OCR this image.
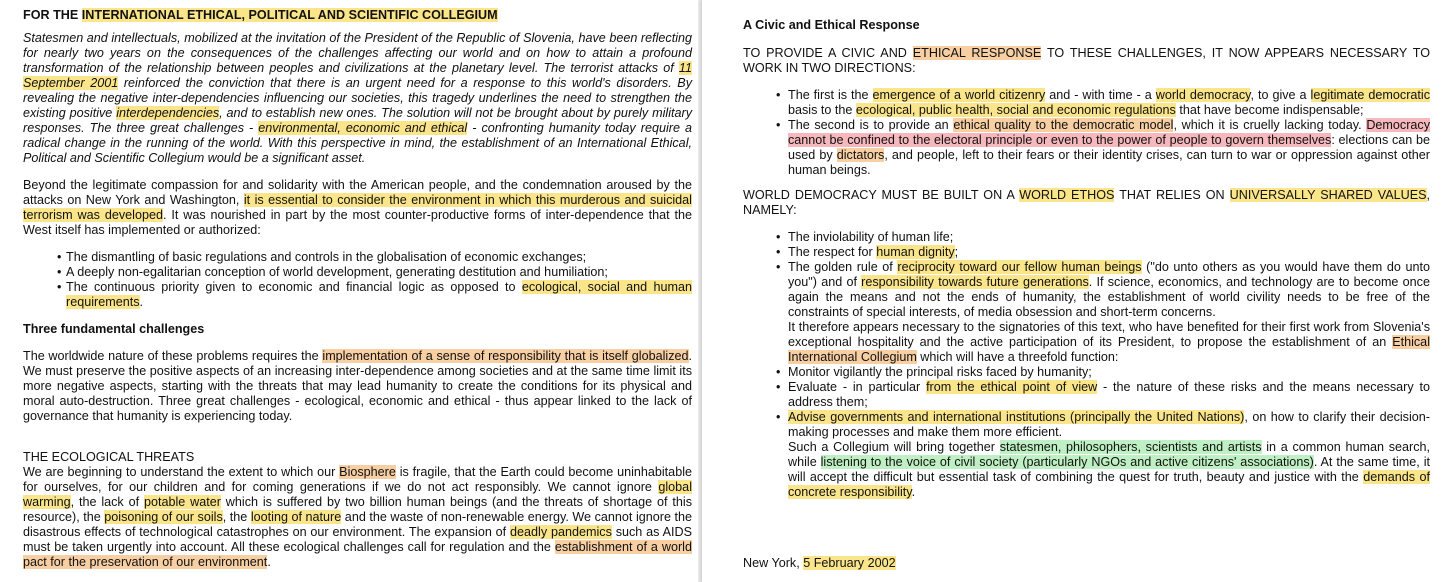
FOR THE INTERNATIONAL ETHICAL, POLITICAL AND SCIENTIFIC COLLEGIUM

Statesmen and intellectuals, mobilized at the invitation of the President of the Republic of Slovenia, have been reflecting for nearly two years on the consequences of the challenges affecting our world and on how to attain a profound transformation of the relationship between peoples and civilizations at the planetary level. The terrorist attacks of 11 September 2001 reinforced the conviction that there is an urgent need for a response to this world's disorders. By revealing the negative inter-dependencies influencing our societies, this tragedy underlines the need to strengthen the existing positive interdependencies, and to establish new ones. The solution will not be brought about by purely military responses. The three great challenges - environmental, economic and ethical - confronting humanity today require a radical change in the running of the world. With this perspective in mind, the establishment of an International Ethical, Political and Scientific Collegium would be a significant asset.

Beyond the legitimate compassion for and solidarity with the American people, and the condemnation aroused by the attacks on New York and Washington, it is essential to consider the environment in which this murderous and suicidal terrorism was developed. It was nourished in part by the most counter-productive forms of inter-dependence that the West itself has implemented or authorized:

• The dismantling of basic regulations and controls in the globalisation of economic exchanges;
• A deeply non-egalitarian conception of world development, generating destitution and humiliation;
• The continuous priority given to economic and financial logic as opposed to ecological, social and human requirements.
Three fundamental challenges

The worldwide nature of these problems requires the implementation of a sense of responsibility that is itself globalized. We must preserve the positive aspects of an increasing inter-dependence among societies and at the same time limit its more negative aspects, starting with the threats that may lead humanity to create the conditions for its physical and moral auto-destruction. Three great challenges - ecological, economic and ethical - thus appear linked to the lack of governance that humanity is experiencing today.

THE ECOLOGICAL THREATS

We are beginning to understand the extent to which our Biosphere is fragile, that the Earth could become uninhabitable for ourselves, for our children and for coming generations if we do not act responsibly. We cannot ignore global warming, the lack of potable water which is suffered by two billion human beings (and the threats of shortage of this resource), the poisoning of our soils, the looting of nature and the waste of non-renewable energy. We cannot ignore the disastrous effects of technological catastrophes on our environment. The expansion of deadly pandemics such as AIDS must be taken urgently into account. All these ecological challenges call for regulation and the establishment of a world pact for the preservation of our environment.

A Civic and Ethical Response

TO PROVIDE A CIVIC AND ETHICAL RESPONSE TO THESE CHALLENGES, IT NOW APPEARS NECESSARY TO WORK IN TWO DIRECTIONS:

• The first is the emergence of a world citizenry and - with time - a world democracy, to give a legitimate democratic basis to the ecological, public health, social and economic regulations that have become indispensable;
• The second is to provide an ethical quality to the democratic model, which it is cruelly lacking today. Democracy cannot be confined to the electoral principle or even to the power of people to govern themselves: elections can be used by dictators, and people, left to their fears or their identity crises, can turn to war or oppression against other human beings.

WORLD DEMOCRACY MUST BE BUILT ON A WORLD ETHOS THAT RELIES ON UNIVERSALLY SHARED VALUES, NAMELY:

• The inviolability of human life;
• The respect for human dignity;
• The golden rule of reciprocity toward our fellow human beings ("do unto others as you would have them do unto you") and of responsibility towards future generations. If science, economics, and technology are to become once again the means and not the ends of humanity, the establishment of world civility needs to be free of the constraints of special interests, of media obsession and short-term concerns.
It therefore appears necessary to the signatories of this text, who have benefited for their first work from Slovenia's exceptional hospitality and the active participation of its President, to propose the establishment of an Ethical International Collegium which will have a threefold function:
• Monitor vigilantly the principal risks faced by humanity;
• Evaluate - in particular from the ethical point of view - the nature of these risks and the means necessary to address them;
• Advise governments and international institutions (principally the United Nations), on how to clarify their decision-making processes and make them more efficient.
Such a Collegium will bring together statesmen, philosophers, scientists and artists in a common human search, while listening to the voice of civil society (particularly NGOs and active citizens' associations). At the same time, it will accept the difficult but essential task of combining the quest for truth, beauty and justice with the demands of concrete responsibility.
New York, 5 February 2002
